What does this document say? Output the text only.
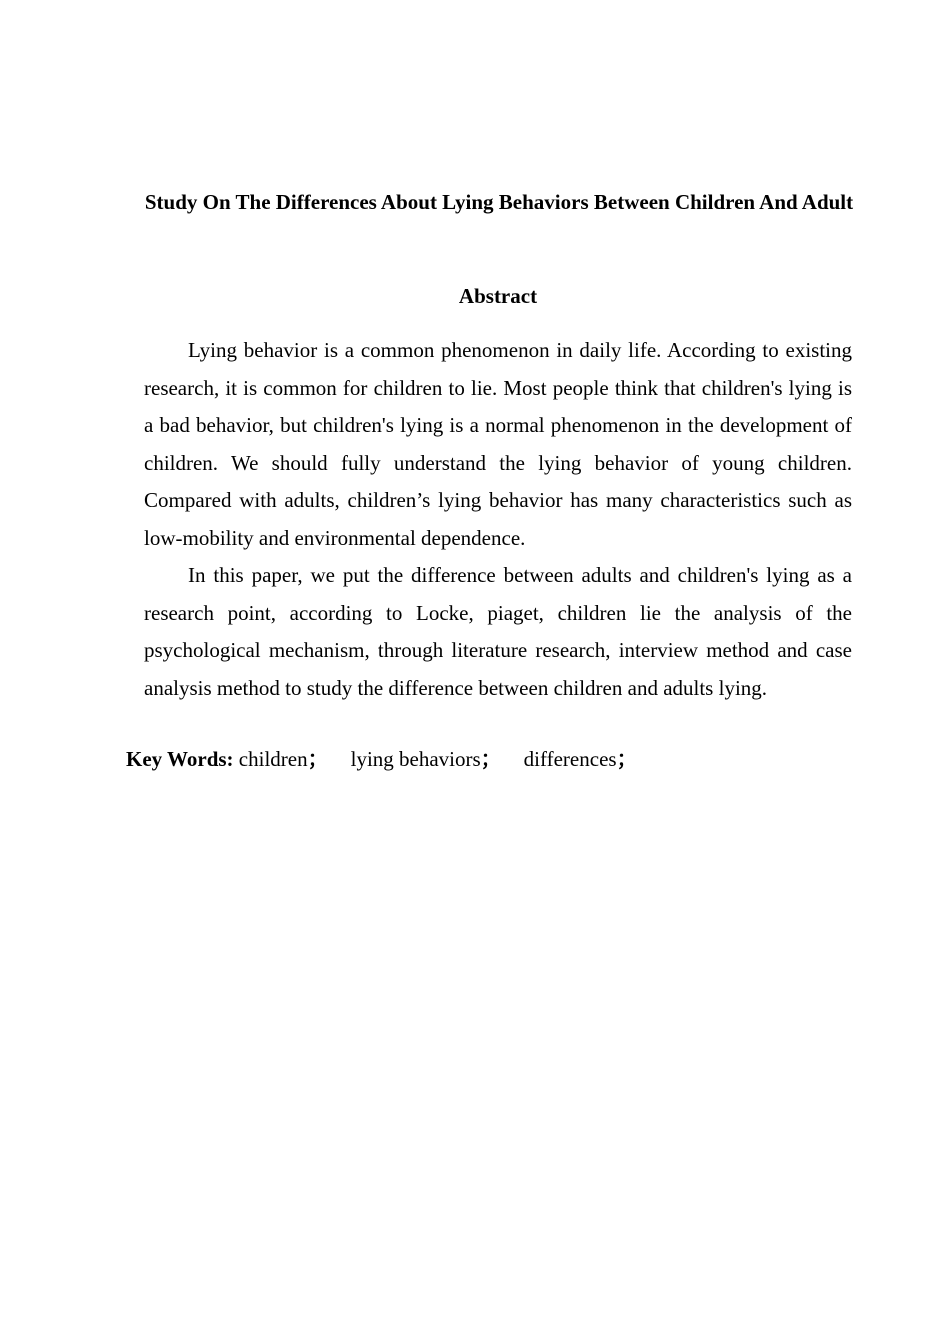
Study On The Differences About Lying Behaviors Between Children And Adult
Abstract

Lying behavior is a common phenomenon in daily life. According to existing research, it is common for children to lie. Most people think that children's lying is a bad behavior, but children's lying is a normal phenomenon in the development of children. We should fully understand the lying behavior of young children. Compared with adults, children’s lying behavior has many characteristics such as low-mobility and environmental dependence.

In this paper, we put the difference between adults and children's lying as a research point, according to Locke, piaget, children lie the analysis of the psychological mechanism, through literature research, interview method and case analysis method to study the difference between children and adults lying.

Key Words: children； lying behaviors； differences；
